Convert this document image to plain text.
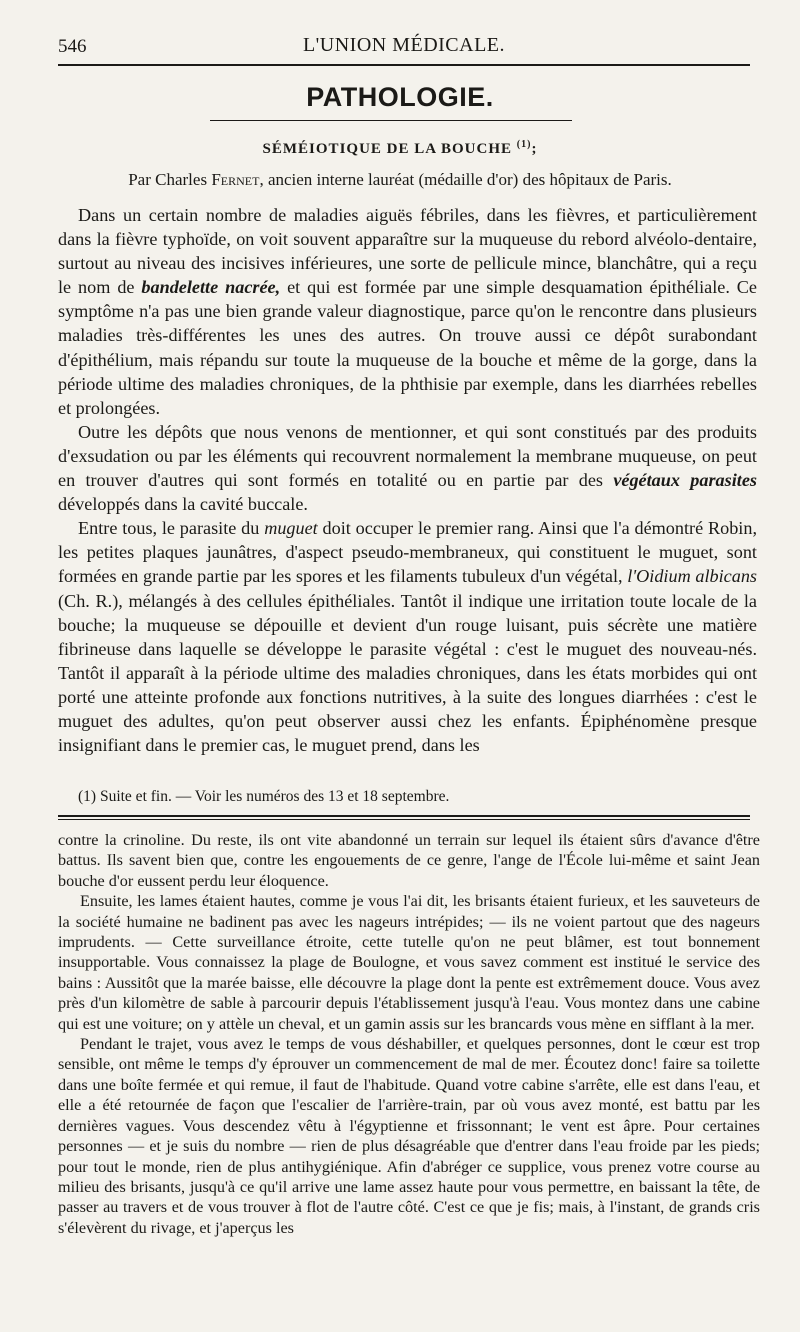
546	L'UNION MÉDICALE.
PATHOLOGIE.
SÉMÉIOTIQUE DE LA BOUCHE $^{(1)}$;
Par Charles Fernet, ancien interne lauréat (médaille d'or) des hôpitaux de Paris.

Dans un certain nombre de maladies aiguës fébriles, dans les fièvres, et particulièrement dans la fièvre typhoïde, on voit souvent apparaître sur la muqueuse du rebord alvéolo-dentaire, surtout au niveau des incisives inférieures, une sorte de pellicule mince, blanchâtre, qui a reçu le nom de bandelette nacrée, et qui est formée par une simple desquamation épithéliale. Ce symptôme n'a pas une bien grande valeur diagnostique, parce qu'on le rencontre dans plusieurs maladies très-différentes les unes des autres. On trouve aussi ce dépôt surabondant d'épithélium, mais répandu sur toute la muqueuse de la bouche et même de la gorge, dans la période ultime des maladies chroniques, de la phthisie par exemple, dans les diarrhées rebelles et prolongées.

Outre les dépôts que nous venons de mentionner, et qui sont constitués par des produits d'exsudation ou par les éléments qui recouvrent normalement la membrane muqueuse, on peut en trouver d'autres qui sont formés en totalité ou en partie par des végétaux parasites développés dans la cavité buccale.

Entre tous, le parasite du muguet doit occuper le premier rang. Ainsi que l'a démontré Robin, les petites plaques jaunâtres, d'aspect pseudo-membraneux, qui constituent le muguet, sont formées en grande partie par les spores et les filaments tubuleux d'un végétal, l'Oidium albicans (Ch. R.), mélangés à des cellules épithéliales. Tantôt il indique une irritation toute locale de la bouche; la muqueuse se dépouille et devient d'un rouge luisant, puis sécrète une matière fibrineuse dans laquelle se développe le parasite végétal : c'est le muguet des nouveau-nés. Tantôt il apparaît à la période ultime des maladies chroniques, dans les états morbides qui ont porté une atteinte profonde aux fonctions nutritives, à la suite des longues diarrhées : c'est le muguet des adultes, qu'on peut observer aussi chez les enfants. Épiphénomène presque insignifiant dans le premier cas, le muguet prend, dans les

(1) Suite et fin. — Voir les numéros des 13 et 18 septembre.

contre la crinoline. Du reste, ils ont vite abandonné un terrain sur lequel ils étaient sûrs d'avance d'être battus. Ils savent bien que, contre les engouements de ce genre, l'ange de l'École lui-même et saint Jean bouche d'or eussent perdu leur éloquence.

Ensuite, les lames étaient hautes, comme je vous l'ai dit, les brisants étaient furieux, et les sauveteurs de la société humaine ne badinent pas avec les nageurs intrépides; — ils ne voient partout que des nageurs imprudents. — Cette surveillance étroite, cette tutelle qu'on ne peut blâmer, est tout bonnement insupportable. Vous connaissez la plage de Boulogne, et vous savez comment est institué le service des bains : Aussitôt que la marée baisse, elle découvre la plage dont la pente est extrêmement douce. Vous avez près d'un kilomètre de sable à parcourir depuis l'établissement jusqu'à l'eau. Vous montez dans une cabine qui est une voiture; on y attèle un cheval, et un gamin assis sur les brancards vous mène en sifflant à la mer.

Pendant le trajet, vous avez le temps de vous déshabiller, et quelques personnes, dont le cœur est trop sensible, ont même le temps d'y éprouver un commencement de mal de mer. Écoutez donc! faire sa toilette dans une boîte fermée et qui remue, il faut de l'habitude. Quand votre cabine s'arrête, elle est dans l'eau, et elle a été retournée de façon que l'escalier de l'arrière-train, par où vous avez monté, est battu par les dernières vagues. Vous descendez vêtu à l'égyptienne et frissonnant; le vent est âpre. Pour certaines personnes — et je suis du nombre — rien de plus désagréable que d'entrer dans l'eau froide par les pieds; pour tout le monde, rien de plus antihygiénique. Afin d'abréger ce supplice, vous prenez votre course au milieu des brisants, jusqu'à ce qu'il arrive une lame assez haute pour vous permettre, en baissant la tête, de passer au travers et de vous trouver à flot de l'autre côté. C'est ce que je fis; mais, à l'instant, de grands cris s'élevèrent du rivage, et j'aperçus les
